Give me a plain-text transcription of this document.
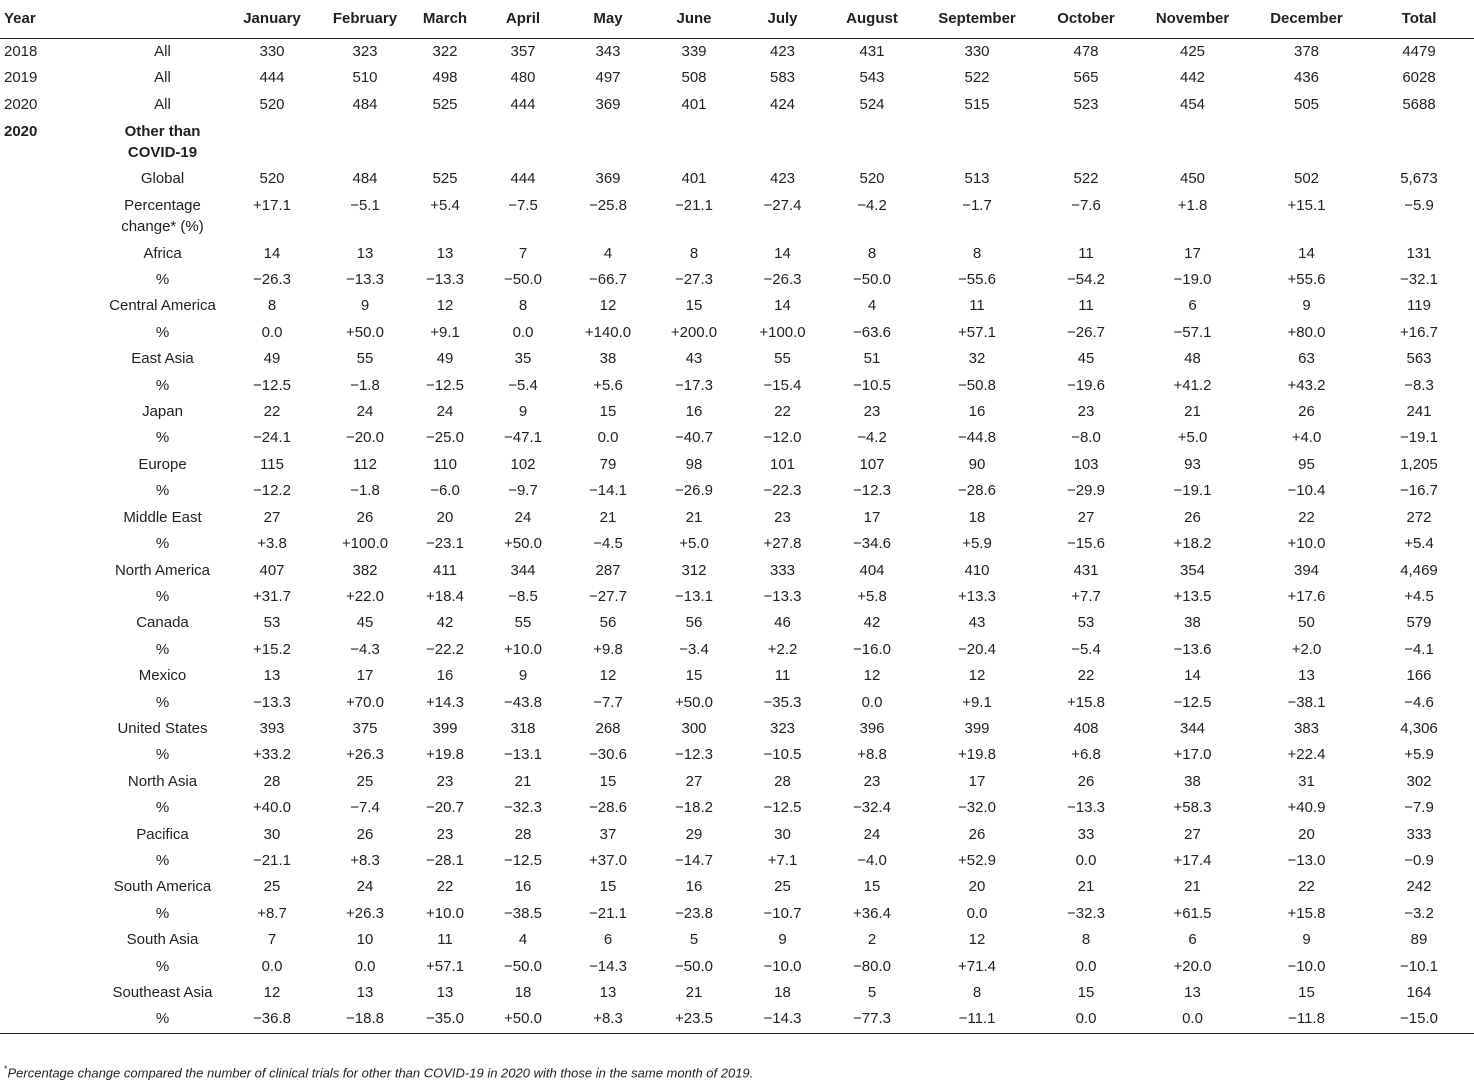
Year		January	February	March	April	May	June	July	August	September	October	November	December	Total
2018	All	330	323	322	357	343	339	423	431	330	478	425	378	4479
2019	All	444	510	498	480	497	508	583	543	522	565	442	436	6028
2020	All	520	484	525	444	369	401	424	524	515	523	454	505	5688
2020	Other than COVID-19													
	Global	520	484	525	444	369	401	423	520	513	522	450	502	5,673
	Percentage change* (%)	+17.1	−5.1	+5.4	−7.5	−25.8	−21.1	−27.4	−4.2	−1.7	−7.6	+1.8	+15.1	−5.9
	Africa	14	13	13	7	4	8	14	8	8	11	17	14	131
	%	−26.3	−13.3	−13.3	−50.0	−66.7	−27.3	−26.3	−50.0	−55.6	−54.2	−19.0	+55.6	−32.1
	Central America	8	9	12	8	12	15	14	4	11	11	6	9	119
	%	0.0	+50.0	+9.1	0.0	+140.0	+200.0	+100.0	−63.6	+57.1	−26.7	−57.1	+80.0	+16.7
	East Asia	49	55	49	35	38	43	55	51	32	45	48	63	563
	%	−12.5	−1.8	−12.5	−5.4	+5.6	−17.3	−15.4	−10.5	−50.8	−19.6	+41.2	+43.2	−8.3
	Japan	22	24	24	9	15	16	22	23	16	23	21	26	241
	%	−24.1	−20.0	−25.0	−47.1	0.0	−40.7	−12.0	−4.2	−44.8	−8.0	+5.0	+4.0	−19.1
	Europe	115	112	110	102	79	98	101	107	90	103	93	95	1,205
	%	−12.2	−1.8	−6.0	−9.7	−14.1	−26.9	−22.3	−12.3	−28.6	−29.9	−19.1	−10.4	−16.7
	Middle East	27	26	20	24	21	21	23	17	18	27	26	22	272
	%	+3.8	+100.0	−23.1	+50.0	−4.5	+5.0	+27.8	−34.6	+5.9	−15.6	+18.2	+10.0	+5.4
	North America	407	382	411	344	287	312	333	404	410	431	354	394	4,469
	%	+31.7	+22.0	+18.4	−8.5	−27.7	−13.1	−13.3	+5.8	+13.3	+7.7	+13.5	+17.6	+4.5
	Canada	53	45	42	55	56	56	46	42	43	53	38	50	579
	%	+15.2	−4.3	−22.2	+10.0	+9.8	−3.4	+2.2	−16.0	−20.4	−5.4	−13.6	+2.0	−4.1
	Mexico	13	17	16	9	12	15	11	12	12	22	14	13	166
	%	−13.3	+70.0	+14.3	−43.8	−7.7	+50.0	−35.3	0.0	+9.1	+15.8	−12.5	−38.1	−4.6
	United States	393	375	399	318	268	300	323	396	399	408	344	383	4,306
	%	+33.2	+26.3	+19.8	−13.1	−30.6	−12.3	−10.5	+8.8	+19.8	+6.8	+17.0	+22.4	+5.9
	North Asia	28	25	23	21	15	27	28	23	17	26	38	31	302
	%	+40.0	−7.4	−20.7	−32.3	−28.6	−18.2	−12.5	−32.4	−32.0	−13.3	+58.3	+40.9	−7.9
	Pacifica	30	26	23	28	37	29	30	24	26	33	27	20	333
	%	−21.1	+8.3	−28.1	−12.5	+37.0	−14.7	+7.1	−4.0	+52.9	0.0	+17.4	−13.0	−0.9
	South America	25	24	22	16	15	16	25	15	20	21	21	22	242
	%	+8.7	+26.3	+10.0	−38.5	−21.1	−23.8	−10.7	+36.4	0.0	−32.3	+61.5	+15.8	−3.2
	South Asia	7	10	11	4	6	5	9	2	12	8	6	9	89
	%	0.0	0.0	+57.1	−50.0	−14.3	−50.0	−10.0	−80.0	+71.4	0.0	+20.0	−10.0	−10.1
	Southeast Asia	12	13	13	18	13	21	18	5	8	15	13	15	164
	%	−36.8	−18.8	−35.0	+50.0	+8.3	+23.5	−14.3	−77.3	−11.1	0.0	0.0	−11.8	−15.0
*Percentage change compared the number of clinical trials for other than COVID-19 in 2020 with those in the same month of 2019.
